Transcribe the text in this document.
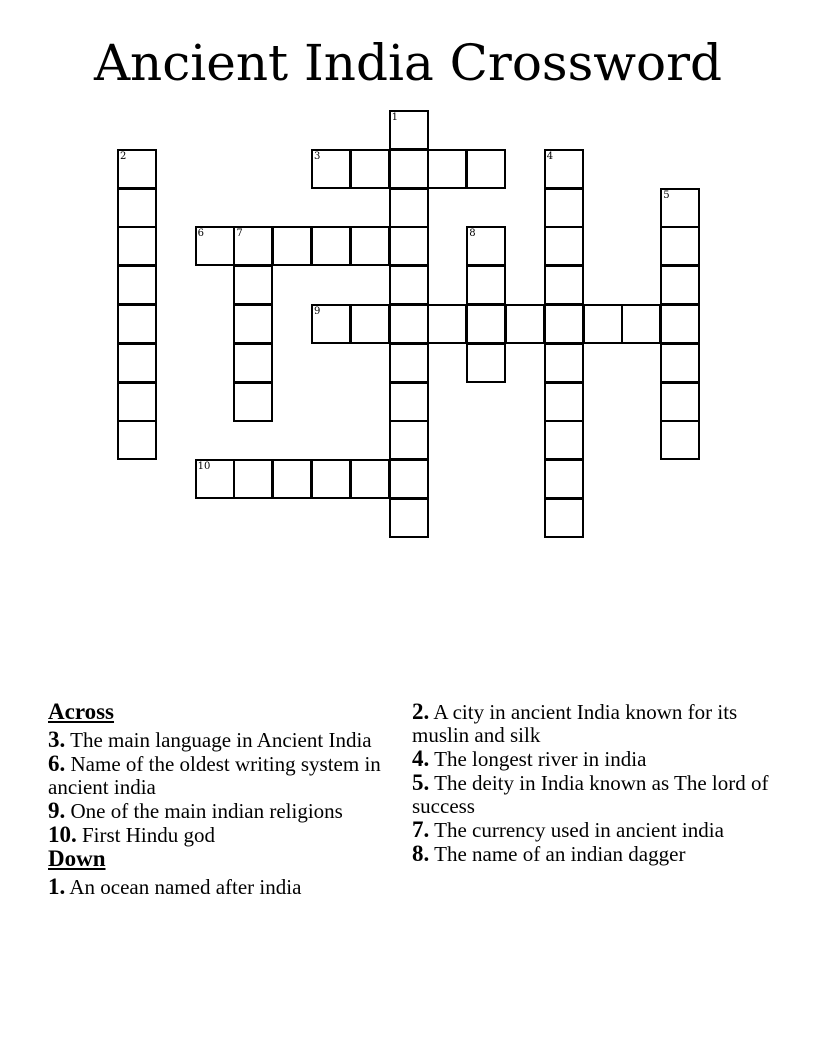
Ancient India Crossword
1
2	3	4
5
6	7	8
9
10
Across
3. The main language in Ancient India
6. Name of the oldest writing system in ancient india
9. One of the main indian religions
10. First Hindu god
Down
1. An ocean named after india
2. A city in ancient India known for its muslin and silk
4. The longest river in india
5. The deity in India known as The lord of success
7. The currency used in ancient india
8. The name of an indian dagger
